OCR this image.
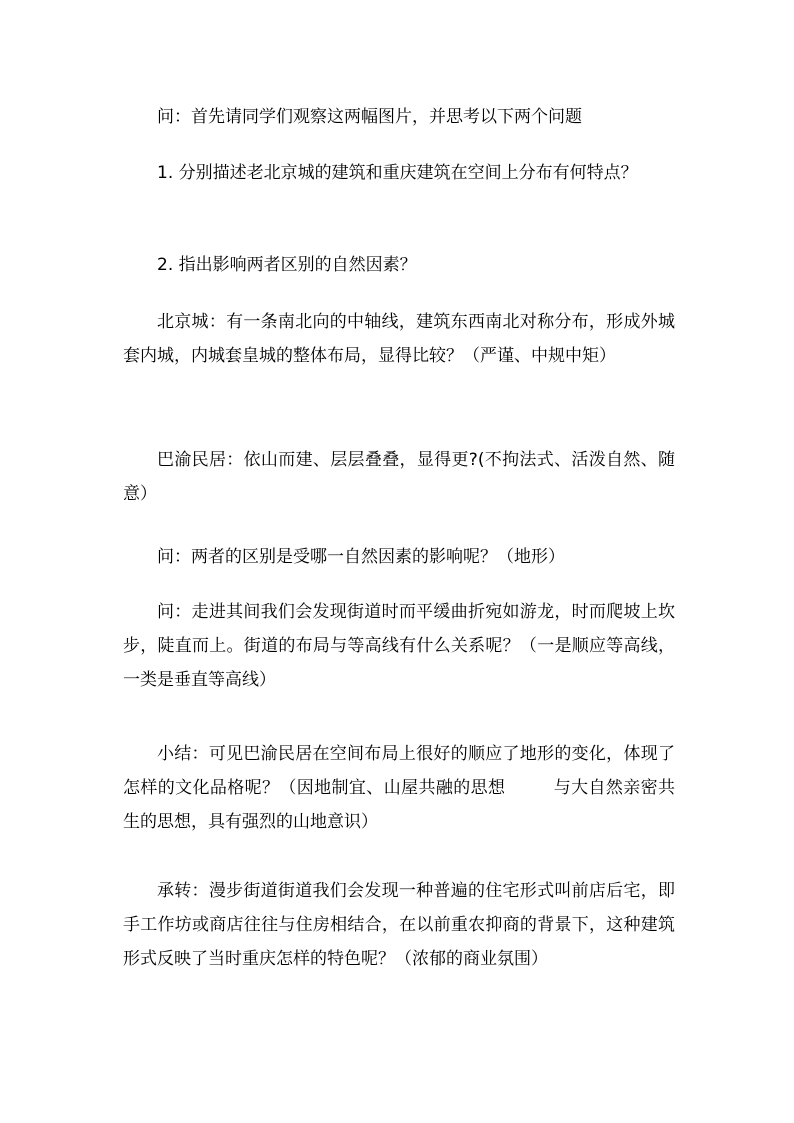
问：首先请同学们观察这两幅图片，并思考以下两个问题

1. 分别描述老北京城的建筑和重庆建筑在空间上分布有何特点？

2. 指出影响两者区别的自然因素？

北京城：有一条南北向的中轴线，建筑东西南北对称分布，形成外城套内城，内城套皇城的整体布局，显得比较？（严谨、中规中矩）

巴渝民居：依山而建、层层叠叠，显得更?(不拘法式、活泼自然、随意）

问：两者的区别是受哪一自然因素的影响呢？（地形）

问：走进其间我们会发现街道时而平缓曲折宛如游龙，时而爬坡上坎步，陡直而上。街道的布局与等高线有什么关系呢？（一是顺应等高线，一类是垂直等高线）

小结：可见巴渝民居在空间布局上很好的顺应了地形的变化，体现了怎样的文化品格呢？（因地制宜、山屋共融的思想	与大自然亲密共生的思想，具有强烈的山地意识）

承转：漫步街道街道我们会发现一种普遍的住宅形式叫前店后宅，即手工作坊或商店往往与住房相结合，在以前重农抑商的背景下，这种建筑形式反映了当时重庆怎样的特色呢？（浓郁的商业氛围）
